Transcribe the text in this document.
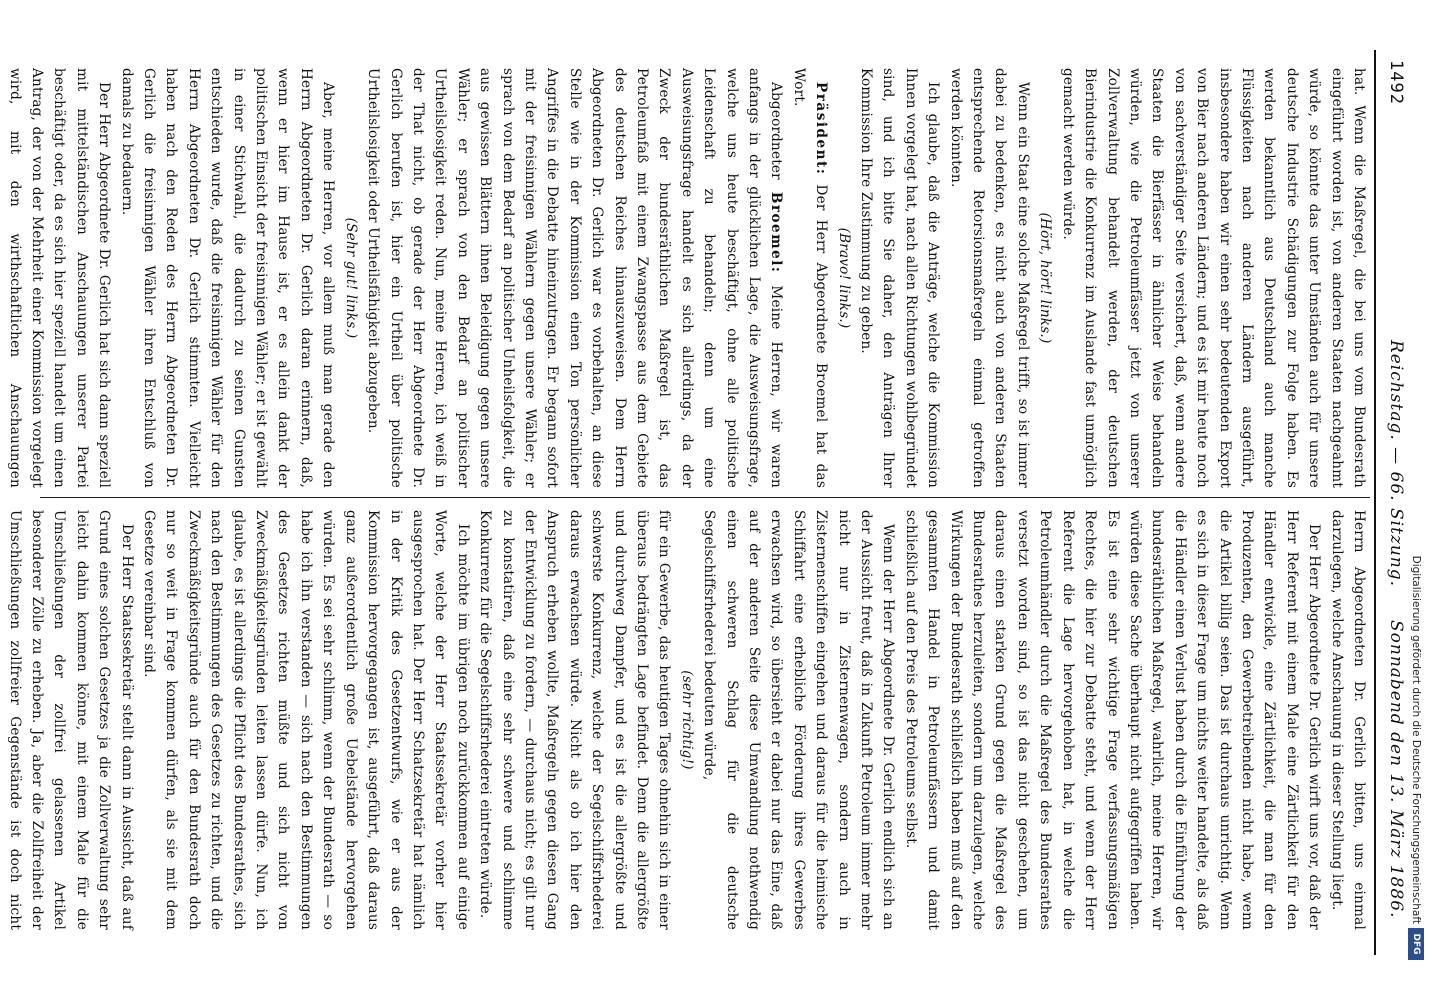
1492
Reichstag. — 66. Sitzung.
Sonnabend den 13. März 1886.

hat. Wenn die Maßregel, die bei uns vom Bundesrath eingeführt worden ist, von anderen Staaten nachgeahmt würde, so könnte das unter Umständen auch für unsere deutsche Industrie Schädigungen zur Folge haben. Es werden bekanntlich aus Deutschland auch manche Flüssigkeiten nach anderen Ländern ausgeführt, insbesondere haben wir einen sehr bedeutenden Export von Bier nach anderen Ländern; und es ist mir heute noch von sachverständiger Seite versichert, daß, wenn andere Staaten die Bierfässer in ähnlicher Weise behandeln würden, wie die Petroleumfässer jetzt von unserer Zollverwaltung behandelt werden, der deutschen Bierindustrie die Konkurrenz im Auslande fast unmöglich gemacht werden würde.

(Hört, hört! links.)

Wenn ein Staat eine solche Maßregel trifft, so ist immer dabei zu bedenken, es nicht auch von anderen Staaten entsprechende Retorsionsmaßregeln einmal getroffen werden könnten.

Ich glaube, daß die Anträge, welche die Kommission Ihnen vorgelegt hat, nach allen Richtungen wohlbegründet sind, und ich bitte Sie daher, den Anträgen Ihrer Kommission Ihre Zustimmung zu geben.

(Bravo! links.)

Präsident: Der Herr Abgeordnete Broemel hat das Wort.

Abgeordneter Broemel: Meine Herren, wir waren anfangs in der glücklichen Lage, die Ausweisungsfrage, welche uns heute beschäftigt, ohne alle politische Leidenschaft zu behandeln; denn um eine Ausweisungsfrage handelt es sich allerdings, da der Zweck der bundesräthlichen Maßregel ist, das Petroleumfaß mit einem Zwangspasse aus dem Gebiete des deutschen Reiches hinauszuweisen. Dem Herrn Abgeordneten Dr. Gerlich war es vorbehalten, an diese Stelle wie in der Kommission einen Ton persönlicher Angriffes in die Debatte hineinzutragen. Er begann sofort mit der freisinnigen Wählern gegen unsere Wähler; er sprach von dem Bedarf an politischer Unheilsfolgkeit, die aus gewissen Blättern ihnen Beleidigung gegen unsere Wähler; er sprach von den Bedarf an politischer Urtheilslosigkeit reden. Nun, meine Herren, ich weiß in der That nicht, ob gerade der Herr Abgeordnete Dr. Gerlich berufen ist, hier ein Urtheil über politische Urtheilslosigkeit oder Urtheilsfähigkeit abzugeben.

(Sehr gut! links.)

Aber, meine Herren, vor allem muß man gerade den Herrn Abgeordneten Dr. Gerlich daran erinnern, daß, wenn er hier im Hause ist, er es allein dankt der politischen Einsicht der freisinnigen Wähler; er ist gewählt in einer Stichwahl, die dadurch zu seinen Gunsten entschieden wurde, daß die freisinnigen Wähler für den Herrn Abgeordneten Dr. Gerlich stimmten. Vielleicht haben nach den Reden des Herrn Abgeordneten Dr. Gerlich die freisinnigen Wähler ihren Entschluß von damals zu bedauern.

Der Herr Abgeordnete Dr. Gerlich hat sich dann speziell mit mittelständischen Anschauungen unserer Partei beschäftigt oder, da es sich hier speziell handelt um einen Antrag, der von der Mehrheit einer Kommission vorgelegt wird, mit den wirthschaftlichen Anschauungen

Herrn Abgeordneten Dr. Gerlich bitten, uns einmal darzulegen, welche Anschauung in dieser Stellung liegt.

Der Herr Abgeordnete Dr. Gerlich wirft uns vor, daß der Herr Referent mit einem Male eine Zärtlichkeit für den Händler entwickle, eine Zärtlichkeit, die man für den Produzenten, den Gewerbetreibenden nicht habe, wenn die Artikel billig seien. Das ist durchaus unrichtig. Wenn es sich in dieser Frage um nichts weiter handelte, als daß die Händler einen Verlust haben durch die Einführung der bundesräthlichen Maßregel, wahrlich, meine Herren, wir würden diese Sache überhaupt nicht aufgegriffen haben. Es ist eine sehr wichtige Frage verfassungsmäßigen Rechtes, die hier zur Debatte steht, und wenn der Herr Referent die Lage hervorgehoben hat, in welche die Petroleumhändler durch die Maßregel des Bundesrathes versetzt worden sind, so ist das nicht geschehen, um daraus einen starken Grund gegen die Maßregel des Bundesrathes herzuleiten, sondern um darzulegen, welche Wirkungen der Bundesrath schließlich haben muß auf den gesammten Handel in Petroleumfässern und damit schließlich auf den Preis des Petroleums selbst.

Wenn der Herr Abgeordnete Dr. Gerlich endlich sich an der Aussicht freut, daß in Zukunft Petroleum immer mehr nicht nur in Zisternenwagen, sondern auch in Zisternenschiffen eingehen und daraus für die heimische Schiffahrt eine erhebliche Förderung ihres Gewerbes erwachsen wird, so übersieht er dabei nur das Eine, daß auf der anderen Seite diese Umwandlung nothwendig einen schweren Schlag für die deutsche Segelschiffsrhederei bedeuten würde,

(sehr richtig!)

für ein Gewerbe, das heutigen Tages ohnehin sich in einer überaus bedrängten Lage befindet. Denn die allergrößte und durchweg Dampfer, und es ist die allergrößte und schwerste Konkurrenz, welche der Segelschiffsrhederei daraus erwachsen würde. Nicht als ob ich hier den Anspruch erheben wollte, Maßregeln gegen diesen Gang der Entwicklung zu fordern, — durchaus nicht; es gilt nur zu konstatiren, daß eine sehr schwere und schlimme Konkurrenz für die Segelschiffsrhederei eintreten würde.

Ich möchte im übrigen noch zurückkommen auf einige Worte, welche der Herr Staatssekretär vorher hier ausgesprochen hat. Der Herr Schatzsekretär hat nämlich in der Kritik des Gesetzentwurfs, wie er aus der Kommission hervorgegangen ist, ausgeführt, daß daraus ganz außerordentlich große Uebelstände hervorgehen würden. Es sei sehr schlimm, wenn der Bundesrath — so habe ich ihn verstanden — sich nach den Bestimmungen des Gesetzes richten müßte und sich nicht von Zweckmäßigkeitsgründen leiten lassen dürfe. Nun, ich glaube, es ist allerdings die Pflicht des Bundesrathes, sich nach den Bestimmungen des Gesetzes zu richten, und die Zweckmäßigkeitsgründe auch für den Bundesrath doch nur so weit in Frage kommen dürfen, als sie mit dem Gesetze vereinbar sind.

Der Herr Staatssekretär stellt dann in Aussicht, daß auf Grund eines solchen Gesetzes ja die Zollverwaltung sehr leicht dahin kommen könne, mit einem Male für die Umschließungen der zollfrei gelassenen Artikel besonderer Zölle zu erheben. Ja, aber die Zollfreiheit der Umschließungen zollfreier Gegenstände ist doch nicht	Digitalisierung gefördert durch die Deutsche Forschungsgemeinschaft
DFG
